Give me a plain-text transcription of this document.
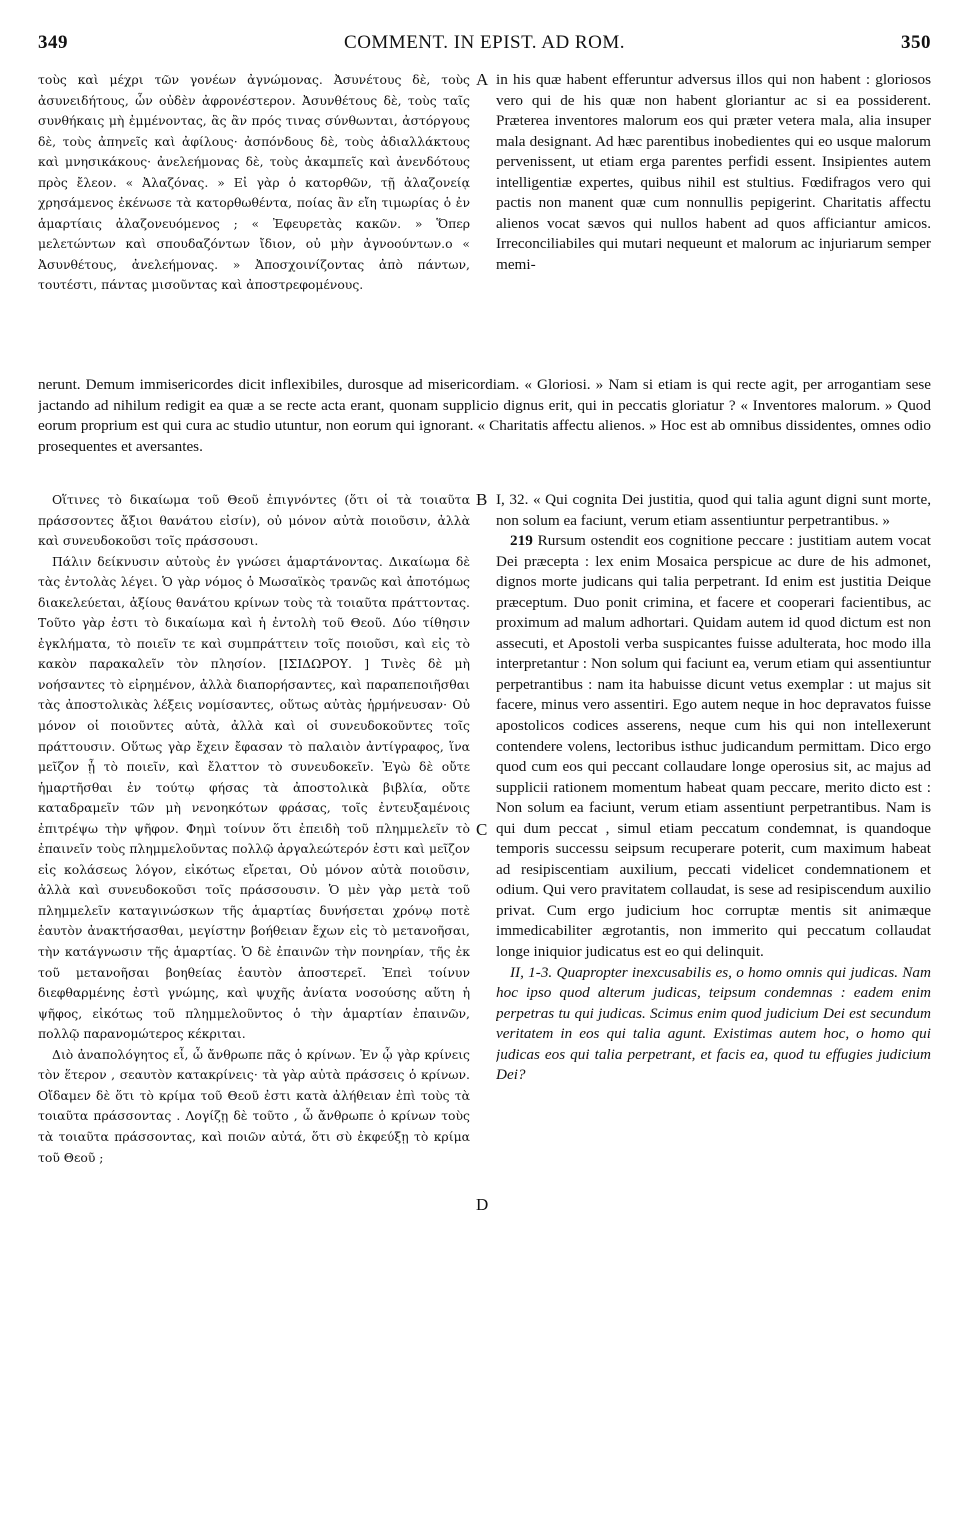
349	COMMENT. IN EPIST. AD ROM.	350

τοὺς καὶ μέχρι τῶν γονέων ἀγνώμονας. Ἀσυνέτους δὲ, τοὺς ἀσυνειδήτους, ὧν οὐδὲν ἀφρονέστερον. Ἀσυνθέτους δὲ, τοὺς ταῖς συνθήκαις μὴ ἐμμένοντας, ἃς ἂν πρός τινας σύνθωνται, ἀστόργους δὲ, τοὺς ἀπηνεῖς καὶ ἀφίλους· ἀσπόνδους δὲ, τοὺς ἀδιαλλάκτους καὶ μνησικάκους· ἀνελεήμονας δὲ, τοὺς ἀκαμπεῖς καὶ ἀνενδότους πρὸς ἔλεον. « Ἀλαζόνας. » Εἰ γὰρ ὁ κατορθῶν, τῇ ἀλαζονείᾳ χρησάμενος ἐκένωσε τὰ κατορθωθέντα, ποίας ἂν εἴη τιμωρίας ὁ ἐν ἁμαρτίαις ἀλαζονευόμενος ; « Ἐφευρετὰς κακῶν. » Ὅπερ μελετώντων καὶ σπουδαζόντων ἴδιον, οὐ μὴν ἀγνοούντων.ο « Ἀσυνθέτους, ἀνελεήμονας. » Ἀποσχοινίζοντας ἀπὸ πάντων, τουτέστι, πάντας μισοῦντας καὶ ἀποστρεφομένους.

A in his quæ habent efferuntur adversus illos qui non habent : gloriosos vero qui de his quæ non habent gloriantur ac si ea possiderent. Præterea inventores malorum eos qui præter vetera mala, alia insuper mala designant. Ad hæc parentibus inobedientes qui eo usque malorum pervenissent, ut etiam erga parentes perfidi essent. Insipientes autem intelligentiæ expertes, quibus nihil est stultius. Fœdifragos vero qui pactis non manent quæ cum nonnullis pepigerint. Charitatis affectu alienos vocat sævos qui nullos habent ad quos afficiantur amicos. Irreconciliabiles qui mutari nequeunt et malorum ac injuriarum semper memi-

nerunt. Demum immisericordes dicit inflexibiles, durosque ad misericordiam. « Gloriosi. » Nam si etiam is qui recte agit, per arrogantiam sese jactando ad nihilum redigit ea quæ a se recte acta erant, quonam supplicio dignus erit, qui in peccatis gloriatur ? « Inventores malorum. » Quod eorum proprium est qui cura ac studio utuntur, non eorum qui ignorant. « Charitatis affectu alienos. » Hoc est ab omnibus dissidentes, omnes odio prosequentes et aversantes.

Οἵτινες τὸ δικαίωμα τοῦ Θεοῦ ἐπιγνόντες (ὅτι οἱ τὰ τοιαῦτα πράσσοντες ἄξιοι θανάτου εἰσίν), οὐ μόνον αὐτὰ ποιοῦσιν, ἀλλὰ καὶ συνευδοκοῦσι τοῖς πράσσουσι.

Πάλιν δείκνυσιν αὐτοὺς ἐν γνώσει ἁμαρτάνοντας. Δικαίωμα δὲ τὰς ἐντολὰς λέγει. Ὁ γὰρ νόμος ὁ Μωσαϊκὸς τρανῶς καὶ ἀποτόμως διακελεύεται, ἀξίους θανάτου κρίνων τοὺς τὰ τοιαῦτα πράττοντας. Τοῦτο γὰρ ἐστι τὸ δικαίωμα καὶ ἡ ἐντολὴ τοῦ Θεοῦ. Δύο τίθησιν ἐγκλήματα, τὸ ποιεῖν τε καὶ συμπράττειν τοῖς ποιοῦσι, καὶ εἰς τὸ κακὸν παρακαλεῖν τὸν πλησίον. [ΙΣΙΔΩΡΟΥ. ] Τινὲς δὲ μὴ νοήσαντες τὸ εἰρημένον, ἀλλὰ διαπορήσαντες, καὶ παραπεποιῆσθαι τὰς ἀποστολικὰς λέξεις νομίσαντες, οὕτως αὐτὰς ἡρμήνευσαν· Οὐ μόνον οἱ ποιοῦντες αὐτὰ, ἀλλὰ καὶ οἱ συνευδοκοῦντες τοῖς πράττουσιν. Οὕτως γὰρ ἔχειν ἔφασαν τὸ παλαιὸν ἀντίγραφος, ἵνα μεῖζον ᾖ τὸ ποιεῖν, καὶ ἔλαττον τὸ συνευδοκεῖν. Ἐγὼ δὲ οὔτε ἡμαρτῆσθαι ἐν τούτῳ φήσας τὰ ἀποστολικὰ βιβλία, οὔτε καταδραμεῖν τῶν μὴ νενοηκότων φράσας, τοῖς ἐντευξαμένοις ἐπιτρέψω τὴν ψῆφον. Φημὶ τοίνυν ὅτι ἐπειδὴ τοῦ πλημμελεῖν τὸ ἐπαινεῖν τοὺς πλημμελοῦντας πολλῷ ἀργαλεώτερόν ἐστι καὶ μεῖζον εἰς κολάσεως λόγον, εἰκότως εἴρεται, Οὐ μόνον αὐτὰ ποιοῦσιν, ἀλλὰ καὶ συνευδοκοῦσι τοῖς πράσσουσιν. Ὁ μὲν γὰρ μετὰ τοῦ πλημμελεῖν καταγινώσκων τῆς ἁμαρτίας δυνήσεται χρόνῳ ποτὲ ἑαυτὸν ἀνακτήσασθαι, μεγίστην βοήθειαν ἔχων εἰς τὸ μετανοῆσαι, τὴν κατάγνωσιν τῆς ἁμαρτίας. Ὁ δὲ ἐπαινῶν τὴν πονηρίαν, τῆς ἐκ τοῦ μετανοῆσαι βοηθείας ἑαυτὸν ἀποστερεῖ. Ἐπεὶ τοίνυν διεφθαρμένης ἐστὶ γνώμης, καὶ ψυχῆς ἀνίατα νοσούσης αὕτη ἡ ψῆφος, εἰκότως τοῦ πλημμελοῦντος ὁ τὴν ἁμαρτίαν ἐπαινῶν, πολλῷ παρανομώτερος κέκριται.

Διὸ ἀναπολόγητος εἶ, ὦ ἄνθρωπε πᾶς ὁ κρίνων. Ἐν ᾧ γὰρ κρίνεις τὸν ἕτερον , σεαυτὸν κατακρίνεις· τὰ γὰρ αὐτὰ πράσσεις ὁ κρίνων. Οἴδαμεν δὲ ὅτι τὸ κρίμα τοῦ Θεοῦ ἐστι κατὰ ἀλήθειαν ἐπὶ τοὺς τὰ τοιαῦτα πράσσοντας . Λογίζῃ δὲ τοῦτο , ὦ ἄνθρωπε ὁ κρίνων τοὺς τὰ τοιαῦτα πράσσοντας, καὶ ποιῶν αὐτά, ὅτι σὺ ἐκφεύξῃ τὸ κρίμα τοῦ Θεοῦ ;

B
C
D

I, 32. « Qui cognita Dei justitia, quod qui talia agunt digni sunt morte, non solum ea faciunt, verum etiam assentiuntur perpetrantibus. »

219 Rursum ostendit eos cognitione peccare : justitiam autem vocat Dei præcepta : lex enim Mosaica perspicue ac dure de his admonet, dignos morte judicans qui talia perpetrant. Id enim est justitia Deique præceptum. Duo ponit crimina, et facere et cooperari facientibus, ac proximum ad malum adhortari. Quidam autem id quod dictum est non assecuti, et Apostoli verba suspicantes fuisse adulterata, hoc modo illa interpretantur : Non solum qui faciunt ea, verum etiam qui assentiuntur perpetrantibus : nam ita habuisse dicunt vetus exemplar : ut majus sit facere, minus vero assentiri. Ego autem neque in hoc depravatos fuisse apostolicos codices asserens, neque cum his qui non intellexerunt contendere volens, lectoribus isthuc judicandum permittam. Dico ergo quod cum eos qui peccant collaudare longe operosius sit, ac majus ad supplicii rationem momentum habeat quam peccare, merito dicto est : Non solum ea faciunt, verum etiam assentiunt perpetrantibus. Nam is qui dum peccat , simul etiam peccatum condemnat, is quandoque temporis successu seipsum recuperare poterit, cum maximum habeat ad resipiscentiam auxilium, peccati videlicet condemnationem et odium. Qui vero pravitatem collaudat, is sese ad resipiscendum auxilio privat. Cum ergo judicium hoc corruptæ mentis sit animæque immedicabiliter ægrotantis, non immerito qui peccatum collaudat longe iniquior judicatus est eo qui delinquit.

II, 1-3. Quapropter inexcusabilis es, o homo omnis qui judicas. Nam hoc ipso quod alterum judicas, teipsum condemnas : eadem enim perpetras tu qui judicas. Scimus enim quod judicium Dei est secundum veritatem in eos qui talia agunt. Existimas autem hoc, o homo qui judicas eos qui talia perpetrant, et facis ea, quod tu effugies judicium Dei?
